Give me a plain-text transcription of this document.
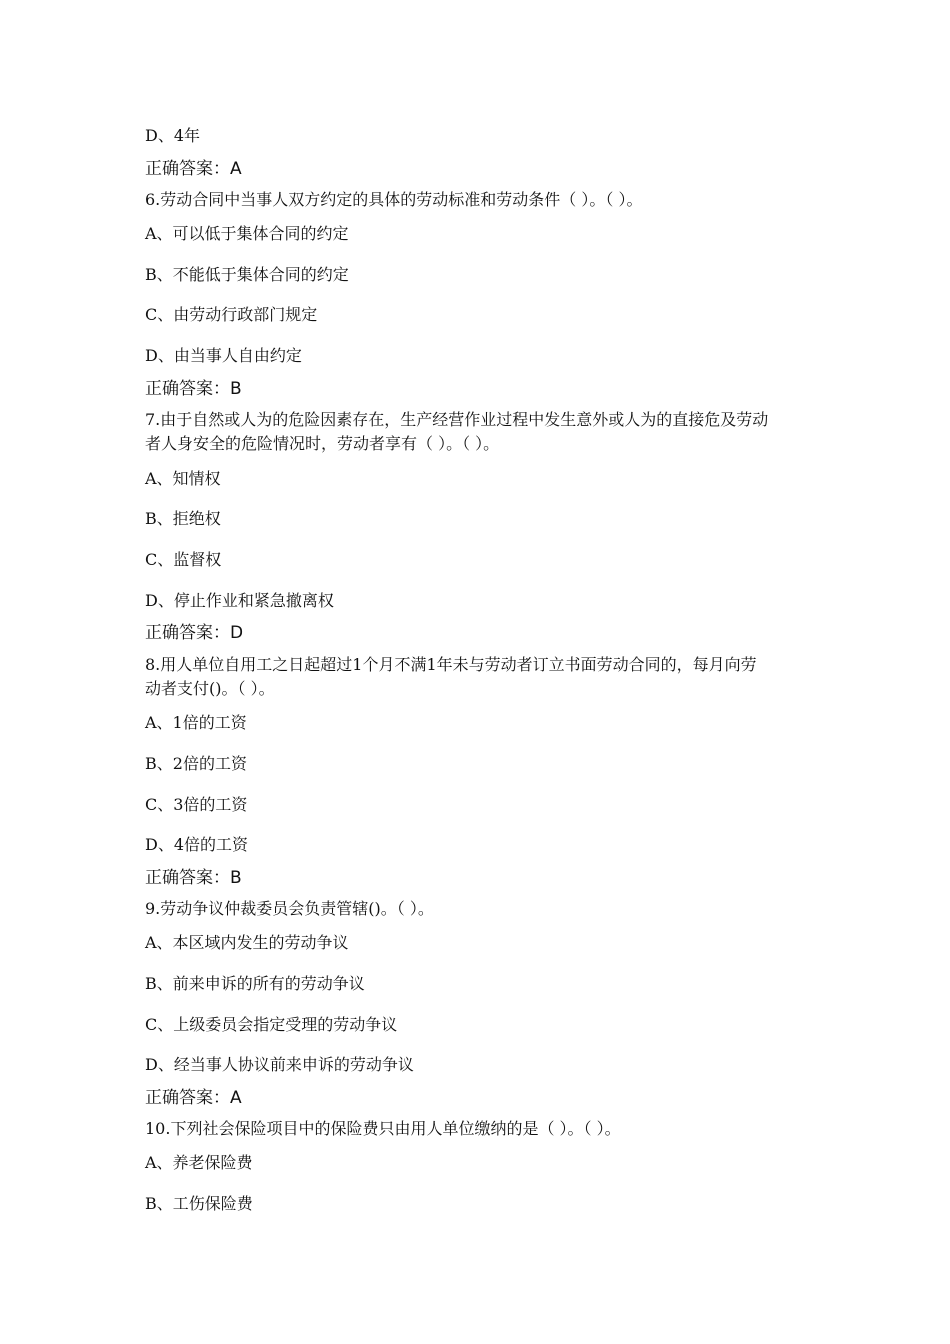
D、4年
正确答案：A
6.劳动合同中当事人双方约定的具体的劳动标准和劳动条件（ ）。（ ）。
A、可以低于集体合同的约定
B、不能低于集体合同的约定
C、由劳动行政部门规定
D、由当事人自由约定
正确答案：B
7.由于自然或人为的危险因素存在，生产经营作业过程中发生意外或人为的直接危及劳动
者人身安全的危险情况时，劳动者享有（ ）。（ ）。
A、知情权
B、拒绝权
C、监督权
D、停止作业和紧急撤离权
正确答案：D
8.用人单位自用工之日起超过1个月不满1年未与劳动者订立书面劳动合同的，每月向劳
动者支付()。（ ）。
A、1倍的工资
B、2倍的工资
C、3倍的工资
D、4倍的工资
正确答案：B
9.劳动争议仲裁委员会负责管辖()。（ ）。
A、本区域内发生的劳动争议
B、前来申诉的所有的劳动争议
C、上级委员会指定受理的劳动争议
D、经当事人协议前来申诉的劳动争议
正确答案：A
10.下列社会保险项目中的保险费只由用人单位缴纳的是（ ）。（ ）。
A、养老保险费
B、工伤保险费
